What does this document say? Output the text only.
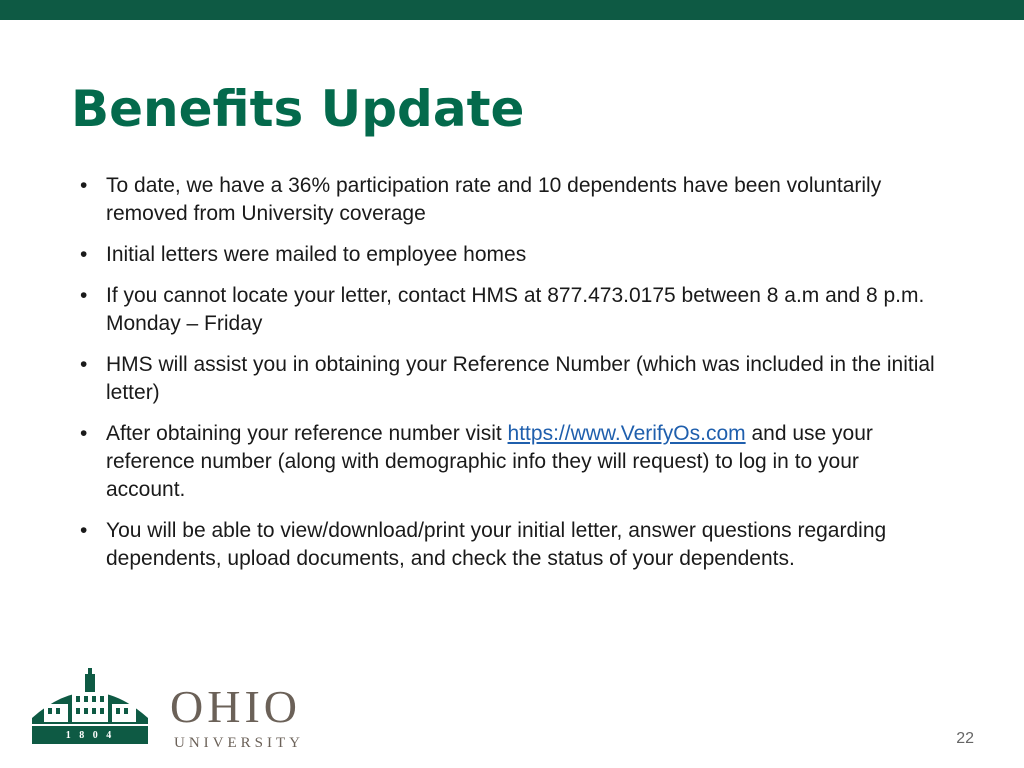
Benefits Update
• To date, we have a 36% participation rate and 10 dependents have been voluntarily removed from University coverage
• Initial letters were mailed to employee homes
• If you cannot locate your letter, contact HMS at 877.473.0175 between 8 a.m and 8 p.m. Monday – Friday
• HMS will assist you in obtaining your Reference Number (which was included in the initial letter)
• After obtaining your reference number visit https://www.VerifyOs.com and use your reference number (along with demographic info they will request) to log in to your account.
• You will be able to view/download/print your initial letter, answer questions regarding dependents, upload documents, and check the status of your dependents.
1 8 0 4
OHIO
UNIVERSITY	22
